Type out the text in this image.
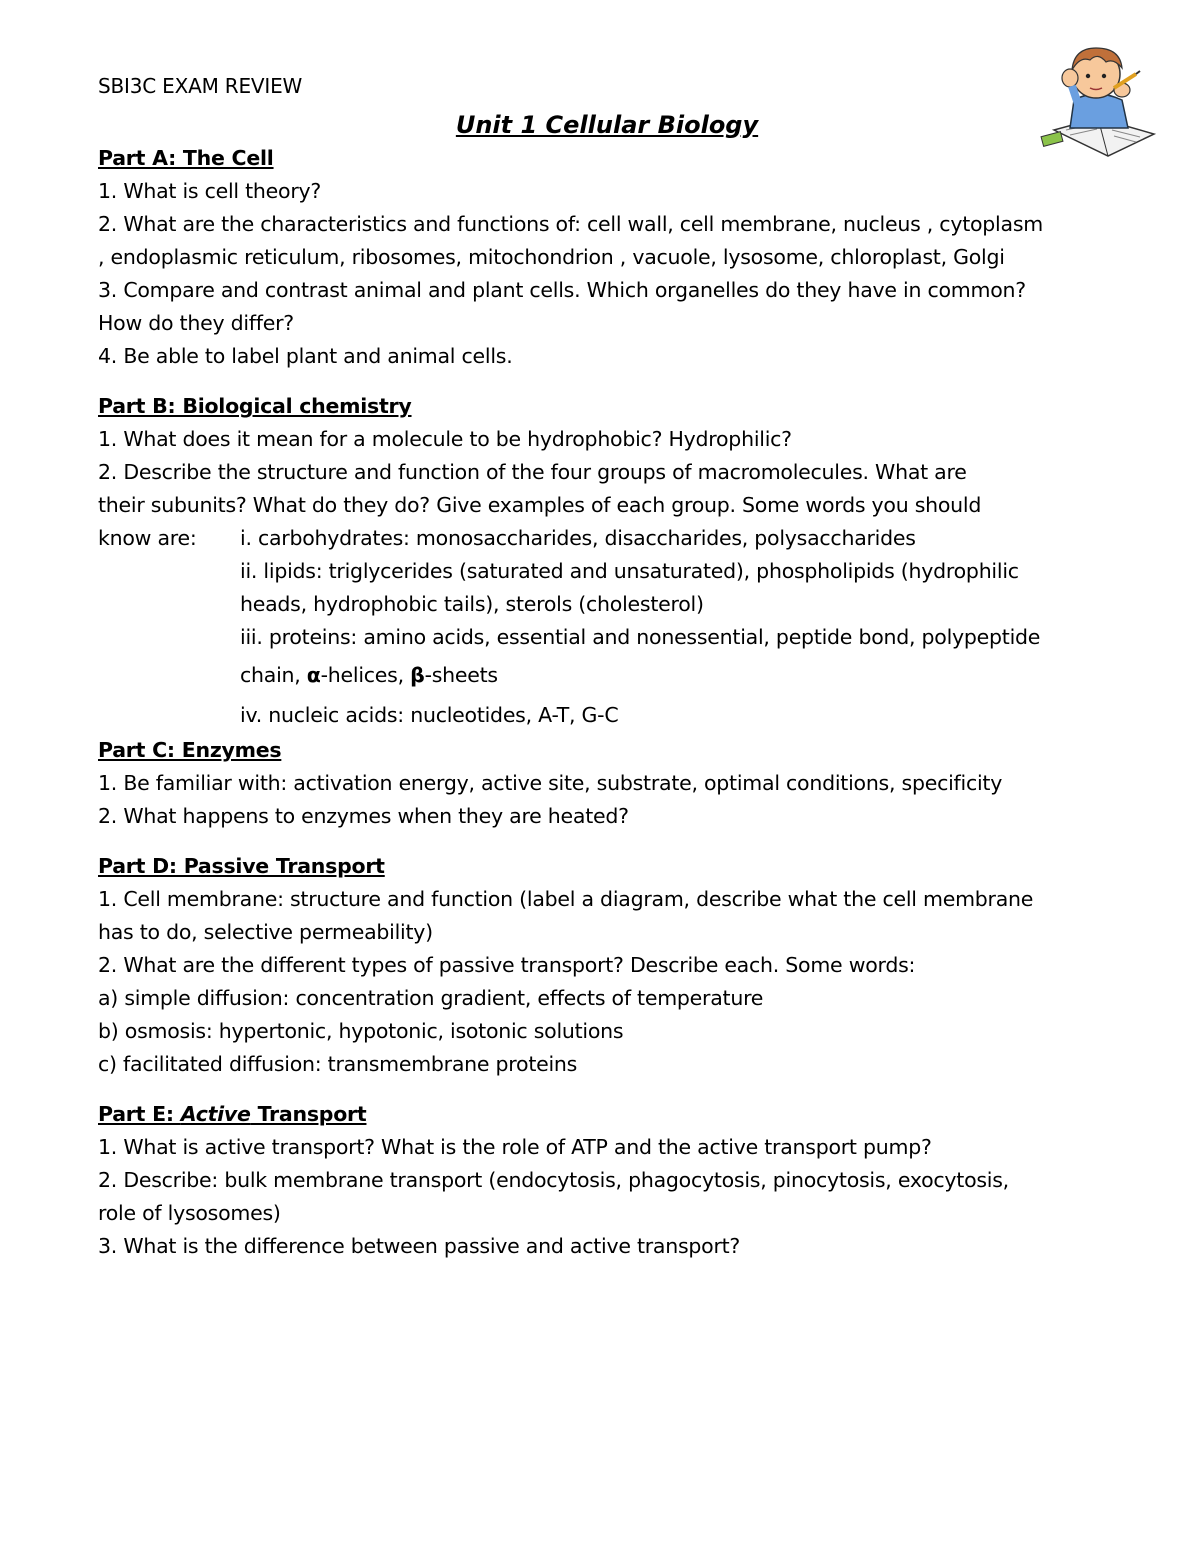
SBI3C EXAM REVIEW
Unit 1 Cellular Biology
Part A: The Cell
1. What is cell theory?
2. What are the characteristics and functions of: cell wall, cell membrane, nucleus , cytoplasm
, endoplasmic reticulum, ribosomes, mitochondrion , vacuole, lysosome, chloroplast, Golgi
3. Compare and contrast animal and plant cells. Which organelles do they have in common?
How do they differ?
4. Be able to label plant and animal cells.
Part B: Biological chemistry
1. What does it mean for a molecule to be hydrophobic? Hydrophilic?
2. Describe the structure and function of the four groups of macromolecules. What are
their subunits? What do they do? Give examples of each group. Some words you should
know are:	i. carbohydrates: monosaccharides, disaccharides, polysaccharides
ii. lipids: triglycerides (saturated and unsaturated), phospholipids (hydrophilic
heads, hydrophobic tails), sterols (cholesterol)
iii. proteins: amino acids, essential and nonessential, peptide bond, polypeptide
chain, α-helices, β-sheets
iv. nucleic acids: nucleotides, A-T, G-C
Part C: Enzymes
1. Be familiar with: activation energy, active site, substrate, optimal conditions, specificity
2. What happens to enzymes when they are heated?
Part D: Passive Transport
1. Cell membrane: structure and function (label a diagram, describe what the cell membrane
has to do, selective permeability)
2. What are the different types of passive transport? Describe each. Some words:
a) simple diffusion: concentration gradient, effects of temperature
b) osmosis: hypertonic, hypotonic, isotonic solutions
c) facilitated diffusion: transmembrane proteins
Part E: Active Transport
1. What is active transport? What is the role of ATP and the active transport pump?
2. Describe: bulk membrane transport (endocytosis, phagocytosis, pinocytosis, exocytosis,
role of lysosomes)
3. What is the difference between passive and active transport?
